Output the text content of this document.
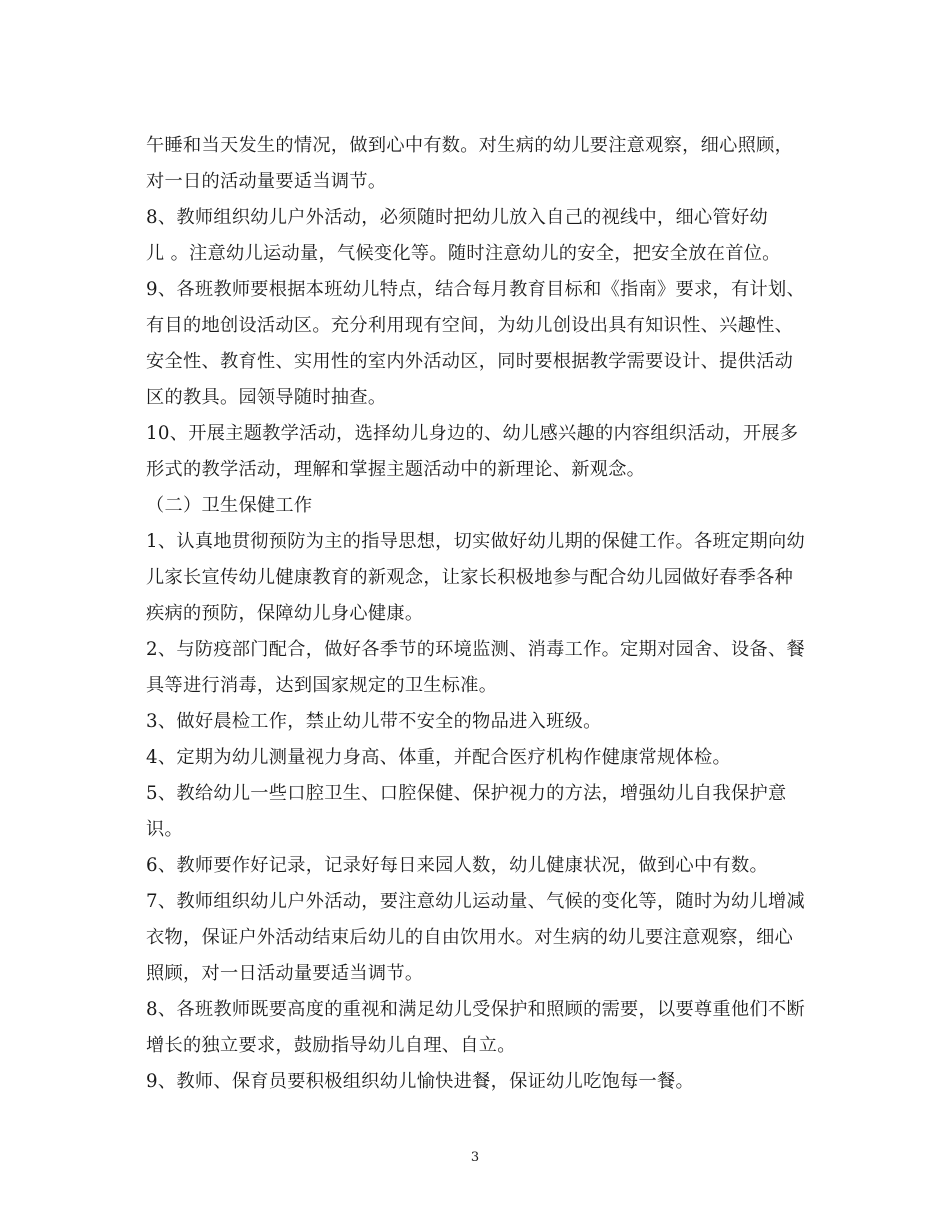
午睡和当天发生的情况，做到心中有数。对生病的幼儿要注意观察，细心照顾，
对一日的活动量要适当调节。
8、教师组织幼儿户外活动，必须随时把幼儿放入自己的视线中，细心管好幼
儿 。注意幼儿运动量，气候变化等。随时注意幼儿的安全，把安全放在首位。
9、各班教师要根据本班幼儿特点，结合每月教育目标和《指南》要求，有计划、
有目的地创设活动区。充分利用现有空间，为幼儿创设出具有知识性、兴趣性、
安全性、教育性、实用性的室内外活动区，同时要根据教学需要设计、提供活动
区的教具。园领导随时抽查。
10、开展主题教学活动，选择幼儿身边的、幼儿感兴趣的内容组织活动，开展多
形式的教学活动，理解和掌握主题活动中的新理论、新观念。
（二）卫生保健工作
1、认真地贯彻预防为主的指导思想，切实做好幼儿期的保健工作。各班定期向幼
儿家长宣传幼儿健康教育的新观念，让家长积极地参与配合幼儿园做好春季各种
疾病的预防，保障幼儿身心健康。
2、与防疫部门配合，做好各季节的环境监测、消毒工作。定期对园舍、设备、餐
具等进行消毒，达到国家规定的卫生标准。
3、做好晨检工作，禁止幼儿带不安全的物品进入班级。
4、定期为幼儿测量视力身高、体重，并配合医疗机构作健康常规体检。
5、教给幼儿一些口腔卫生、口腔保健、保护视力的方法，增强幼儿自我保护意
识。
6、教师要作好记录，记录好每日来园人数，幼儿健康状况，做到心中有数。
7、教师组织幼儿户外活动，要注意幼儿运动量、气候的变化等，随时为幼儿增减
衣物，保证户外活动结束后幼儿的自由饮用水。对生病的幼儿要注意观察，细心
照顾，对一日活动量要适当调节。
8、各班教师既要高度的重视和满足幼儿受保护和照顾的需要，以要尊重他们不断
增长的独立要求，鼓励指导幼儿自理、自立。
9、教师、保育员要积极组织幼儿愉快进餐，保证幼儿吃饱每一餐。
3
